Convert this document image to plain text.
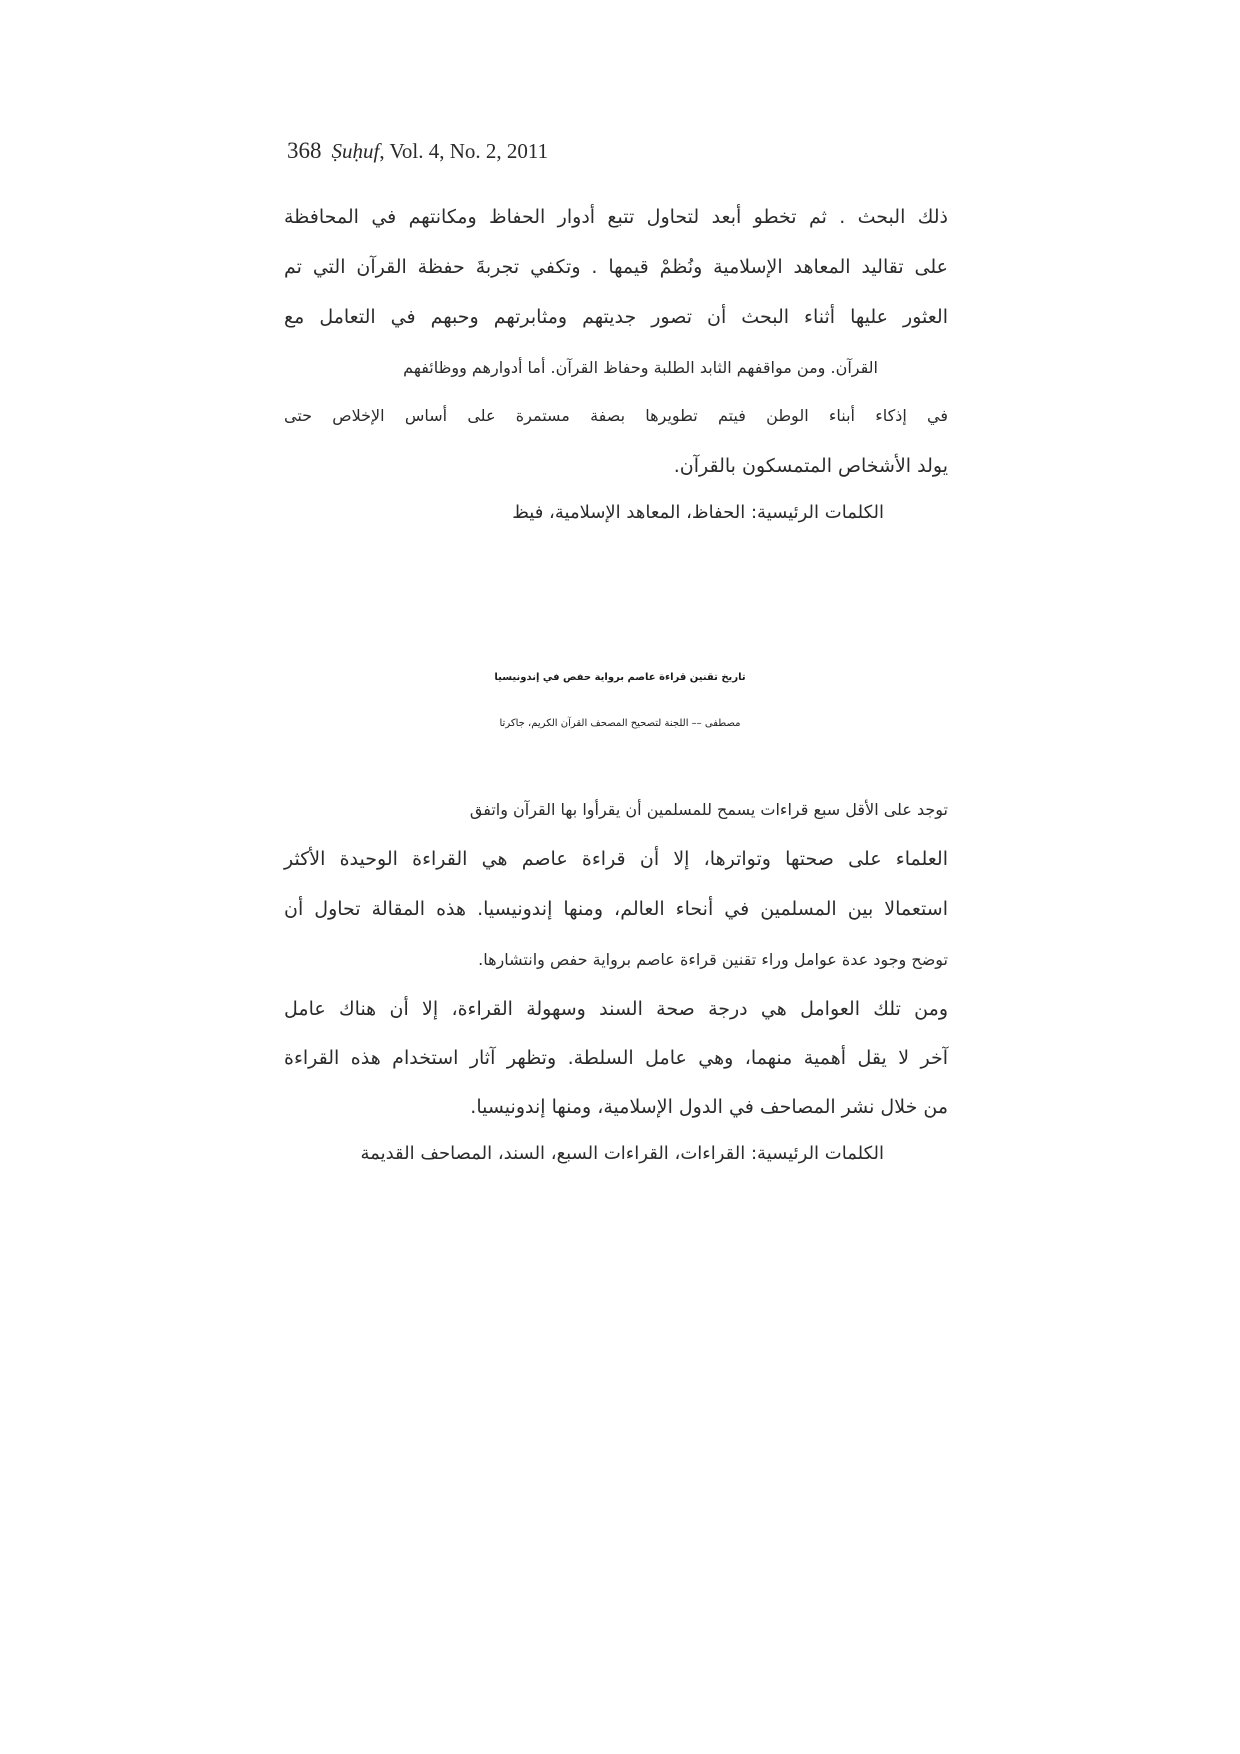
368 Ṣuḥuf, Vol. 4, No. 2, 2011
ذلك البحث . ثم تخطو أبعد لتحاول تتبع أدوار الحفاظ ومكانتهم في المحافظة
على تقاليد المعاهد الإسلامية ونُظمْ قيمها . وتكفي تجربةَ حفظة القرآن التي تم
العثور عليها أثناء البحث أن تصور جديتهم ومثابرتهم وحبهم في التعامل مع
القرآن. ومن مواقفهم الثابد الطلبة وحفاظ القرآن. أما أدوارهم ووظائفهم
في إذكاء أبناء الوطن فيتم تطويرها بصفة مستمرة على أساس الإخلاص حتى
يولد الأشخاص المتمسكون بالقرآن.
الكلمات الرئيسية: الحفاظ، المعاهد الإسلامية، فيظ
تاريخ تقنين قراءة عاصم برواية حفص في إندونيسيا
مصطفى –– اللجنة لتصحيح المصحف القرآن الكريم، جاكرتا
توجد على الأقل سبع قراءات يسمح للمسلمين أن يقرأوا بها القرآن واتفق
العلماء على صحتها وتواترها، إلا أن قراءة عاصم هي القراءة الوحيدة الأكثر
استعمالا بين المسلمين في أنحاء العالم، ومنها إندونيسيا. هذه المقالة تحاول أن
توضح وجود عدة عوامل وراء تقنين قراءة عاصم برواية حفص وانتشارها.
ومن تلك العوامل هي درجة صحة السند وسهولة القراءة، إلا أن هناك عامل
آخر لا يقل أهمية منهما، وهي عامل السلطة. وتظهر آثار استخدام هذه القراءة
من خلال نشر المصاحف في الدول الإسلامية، ومنها إندونيسيا.
الكلمات الرئيسية: القراءات، القراءات السبع، السند، المصاحف القديمة
